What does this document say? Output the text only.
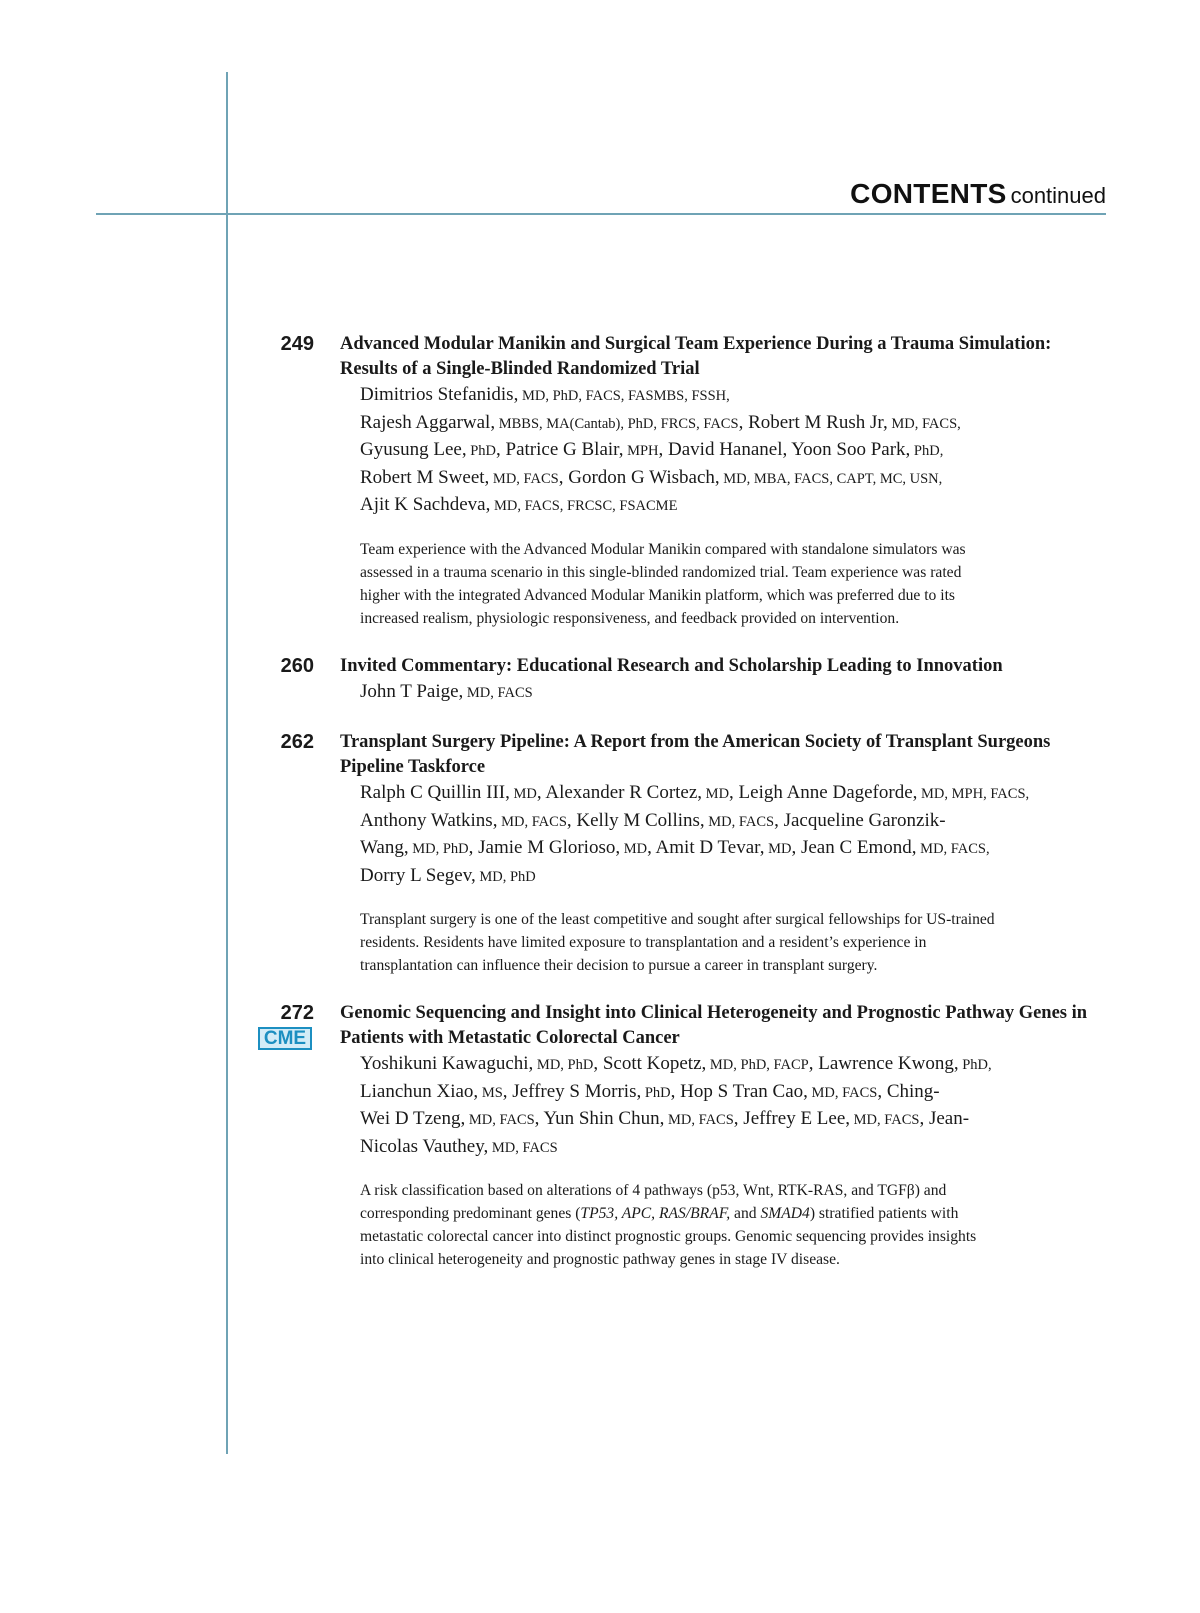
CONTENTS continued
249 Advanced Modular Manikin and Surgical Team Experience During a Trauma Simulation: Results of a Single-Blinded Randomized Trial
Dimitrios Stefanidis, MD, PhD, FACS, FASMBS, FSSH,
Rajesh Aggarwal, MBBS, MA(Cantab), PhD, FRCS, FACS, Robert M Rush Jr, MD, FACS,
Gyusung Lee, PhD, Patrice G Blair, MPH, David Hananel, Yoon Soo Park, PhD,
Robert M Sweet, MD, FACS, Gordon G Wisbach, MD, MBA, FACS, CAPT, MC, USN,
Ajit K Sachdeva, MD, FACS, FRCSC, FSACME
Team experience with the Advanced Modular Manikin compared with standalone simulators was
assessed in a trauma scenario in this single-blinded randomized trial. Team experience was rated
higher with the integrated Advanced Modular Manikin platform, which was preferred due to its
increased realism, physiologic responsiveness, and feedback provided on intervention.
260 Invited Commentary: Educational Research and Scholarship Leading to Innovation
John T Paige, MD, FACS
262 Transplant Surgery Pipeline: A Report from the American Society of Transplant Surgeons Pipeline Taskforce
Ralph C Quillin III, MD, Alexander R Cortez, MD, Leigh Anne Dageforde, MD, MPH, FACS,
Anthony Watkins, MD, FACS, Kelly M Collins, MD, FACS, Jacqueline Garonzik-
Wang, MD, PhD, Jamie M Glorioso, MD, Amit D Tevar, MD, Jean C Emond, MD, FACS,
Dorry L Segev, MD, PhD
Transplant surgery is one of the least competitive and sought after surgical fellowships for US-trained
residents. Residents have limited exposure to transplantation and a resident’s experience in
transplantation can influence their decision to pursue a career in transplant surgery.
272
CME
Genomic Sequencing and Insight into Clinical Heterogeneity and Prognostic Pathway Genes in Patients with Metastatic Colorectal Cancer
Yoshikuni Kawaguchi, MD, PhD, Scott Kopetz, MD, PhD, FACP, Lawrence Kwong, PhD,
Lianchun Xiao, MS, Jeffrey S Morris, PhD, Hop S Tran Cao, MD, FACS, Ching-
Wei D Tzeng, MD, FACS, Yun Shin Chun, MD, FACS, Jeffrey E Lee, MD, FACS, Jean-
Nicolas Vauthey, MD, FACS
A risk classification based on alterations of 4 pathways (p53, Wnt, RTK-RAS, and TGFβ) and
corresponding predominant genes (TP53, APC, RAS/BRAF, and SMAD4) stratified patients with
metastatic colorectal cancer into distinct prognostic groups. Genomic sequencing provides insights
into clinical heterogeneity and prognostic pathway genes in stage IV disease.
